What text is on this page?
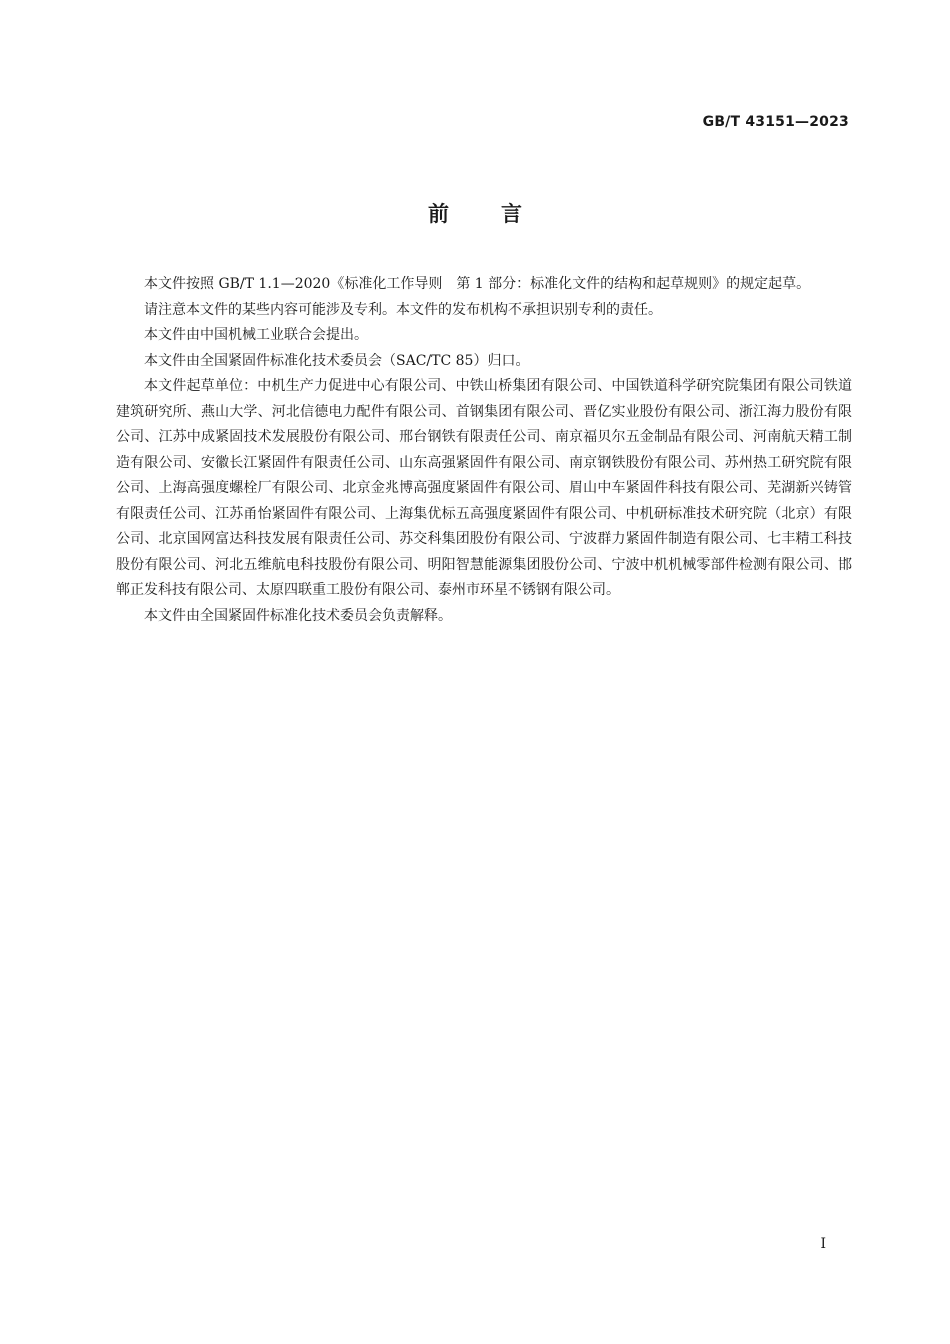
GB/T 43151—2023
前言

本文件按照 GB/T 1.1—2020《标准化工作导则　第 1 部分：标准化文件的结构和起草规则》的规定起草。

请注意本文件的某些内容可能涉及专利。本文件的发布机构不承担识别专利的责任。

本文件由中国机械工业联合会提出。

本文件由全国紧固件标准化技术委员会（SAC/TC 85）归口。

本文件起草单位：中机生产力促进中心有限公司、中铁山桥集团有限公司、中国铁道科学研究院集团有限公司铁道建筑研究所、燕山大学、河北信德电力配件有限公司、首钢集团有限公司、晋亿实业股份有限公司、浙江海力股份有限公司、江苏中成紧固技术发展股份有限公司、邢台钢铁有限责任公司、南京福贝尔五金制品有限公司、河南航天精工制造有限公司、安徽长江紧固件有限责任公司、山东高强紧固件有限公司、南京钢铁股份有限公司、苏州热工研究院有限公司、上海高强度螺栓厂有限公司、北京金兆博高强度紧固件有限公司、眉山中车紧固件科技有限公司、芜湖新兴铸管有限责任公司、江苏甬怡紧固件有限公司、上海集优标五高强度紧固件有限公司、中机研标准技术研究院（北京）有限公司、北京国网富达科技发展有限责任公司、苏交科集团股份有限公司、宁波群力紧固件制造有限公司、七丰精工科技股份有限公司、河北五维航电科技股份有限公司、明阳智慧能源集团股份公司、宁波中机机械零部件检测有限公司、邯郸正发科技有限公司、太原四联重工股份有限公司、泰州市环星不锈钢有限公司。

本文件由全国紧固件标准化技术委员会负责解释。

I
